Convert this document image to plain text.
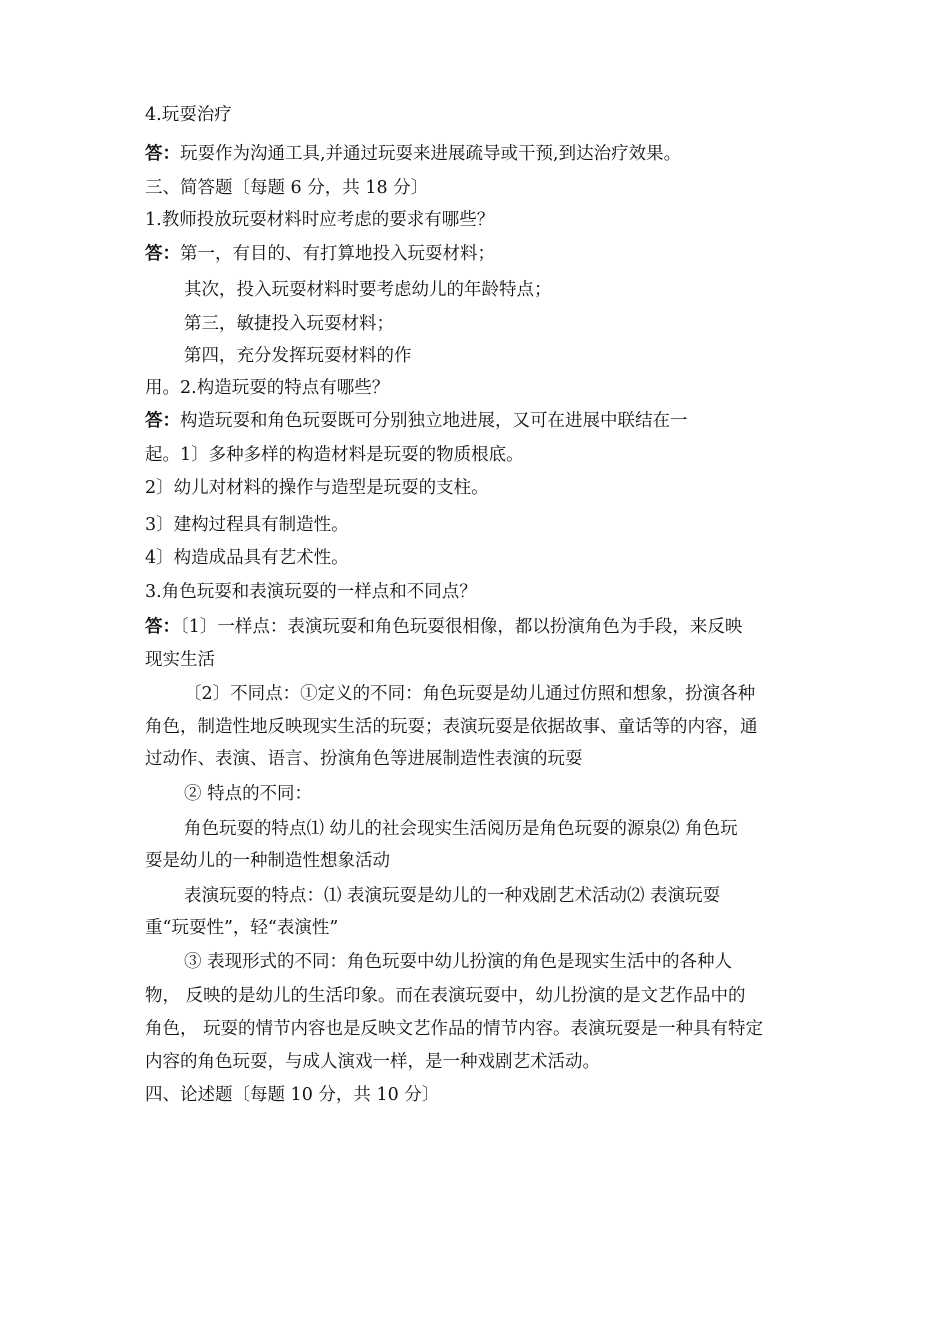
4.玩耍治疗
答：玩耍作为沟通工具,并通过玩耍来进展疏导或干预,到达治疗效果。
三、简答题〔每题 6 分，共 18 分〕
1.教师投放玩耍材料时应考虑的要求有哪些？
答：第一，有目的、有打算地投入玩耍材料；
其次，投入玩耍材料时要考虑幼儿的年龄特点；
第三，敏捷投入玩耍材料；
第四，充分发挥玩耍材料的作
用。2.构造玩耍的特点有哪些？
答：构造玩耍和角色玩耍既可分别独立地进展，又可在进展中联结在一
起。1〕多种多样的构造材料是玩耍的物质根底。
2〕幼儿对材料的操作与造型是玩耍的支柱。
3〕建构过程具有制造性。
4〕构造成品具有艺术性。
3.角色玩耍和表演玩耍的一样点和不同点？
答：〔1〕一样点：表演玩耍和角色玩耍很相像，都以扮演角色为手段，来反映
现实生活
〔2〕不同点：①定义的不同：角色玩耍是幼儿通过仿照和想象，扮演各种
角色，制造性地反映现实生活的玩耍；表演玩耍是依据故事、童话等的内容，通
过动作、表演、语言、扮演角色等进展制造性表演的玩耍
② 特点的不同：
角色玩耍的特点⑴ 幼儿的社会现实生活阅历是角色玩耍的源泉⑵ 角色玩
耍是幼儿的一种制造性想象活动
表演玩耍的特点：⑴ 表演玩耍是幼儿的一种戏剧艺术活动⑵ 表演玩耍
重“玩耍性”，轻“表演性”
③ 表现形式的不同：角色玩耍中幼儿扮演的角色是现实生活中的各种人
物， 反映的是幼儿的生活印象。而在表演玩耍中，幼儿扮演的是文艺作品中的
角色， 玩耍的情节内容也是反映文艺作品的情节内容。表演玩耍是一种具有特定
内容的角色玩耍，与成人演戏一样，是一种戏剧艺术活动。
四、论述题〔每题 10 分，共 10 分〕
